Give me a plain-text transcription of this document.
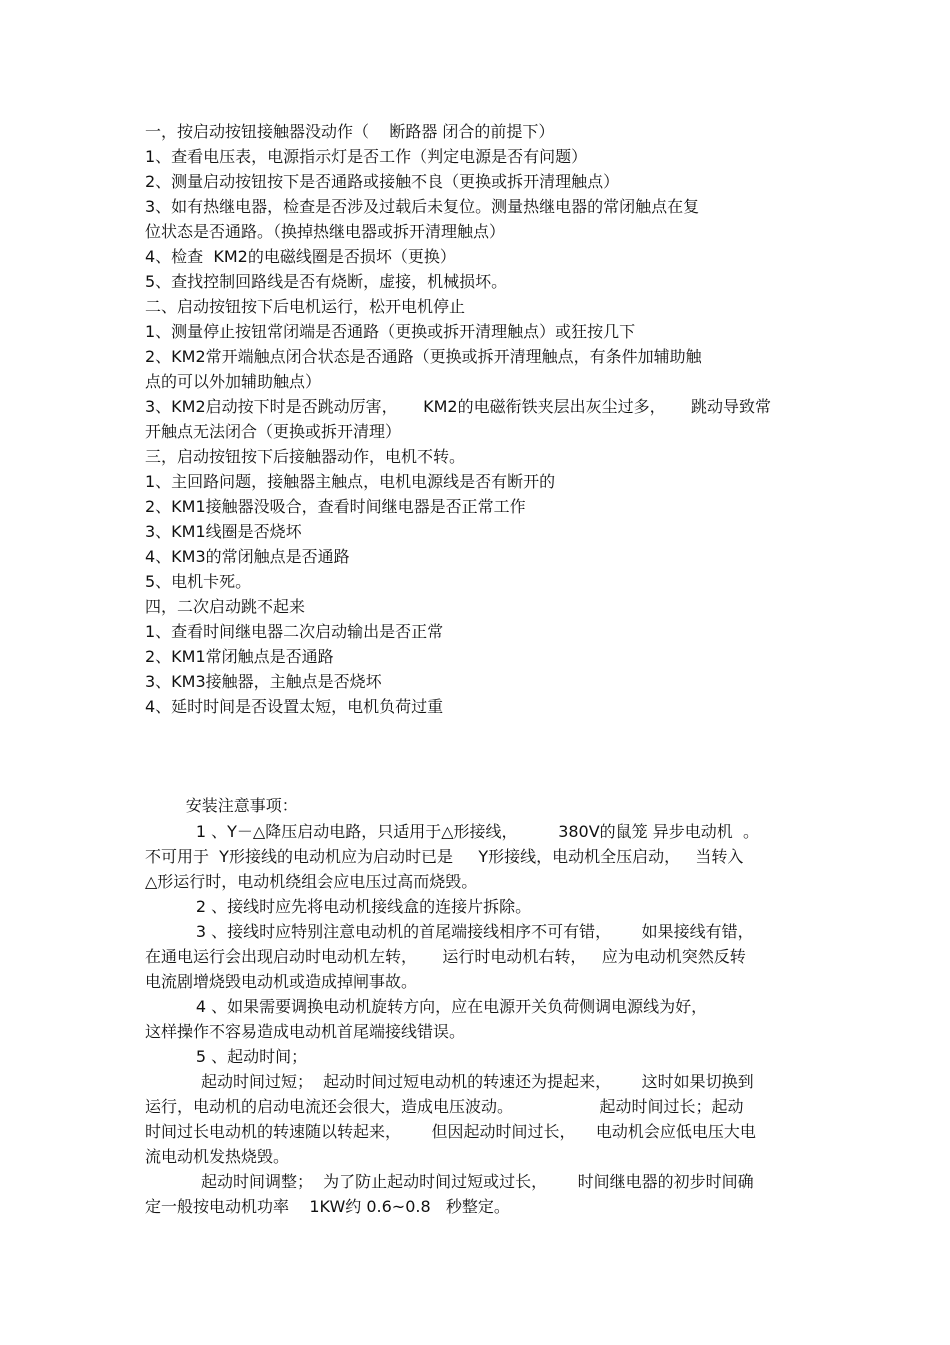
一，按启动按钮接触器没动作（    断路器 闭合的前提下）
1、查看电压表，电源指示灯是否工作（判定电源是否有问题）
2、测量启动按钮按下是否通路或接触不良（更换或拆开清理触点）
3、如有热继电器，检查是否涉及过载后未复位。测量热继电器的常闭触点在复
位状态是否通路。（换掉热继电器或拆开清理触点）
4、检查  KM2的电磁线圈是否损坏（更换）
5、查找控制回路线是否有烧断，虚接，机械损坏。
二、启动按钮按下后电机运行，松开电机停止
1、测量停止按钮常闭端是否通路（更换或拆开清理触点）或狂按几下
2、KM2常开端触点闭合状态是否通路（更换或拆开清理触点，有条件加辅助触
点的可以外加辅助触点）
3、KM2启动按下时是否跳动厉害，     KM2的电磁衔铁夹层出灰尘过多，     跳动导致常
开触点无法闭合（更换或拆开清理）
三，启动按钮按下后接触器动作，电机不转。
1、主回路问题，接触器主触点，电机电源线是否有断开的
2、KM1接触器没吸合，查看时间继电器是否正常工作
3、KM1线圈是否烧坏
4、KM3的常闭触点是否通路
5、电机卡死。
四，二次启动跳不起来
1、查看时间继电器二次启动输出是否正常
2、KM1常闭触点是否通路
3、KM3接触器，主触点是否烧坏
4、延时时间是否设置太短，电机负荷过重
安装注意事项：
1 、Y－△降压启动电路，只适用于△形接线，        380V的鼠笼 异步电动机  。
不可用于  Y形接线的电动机应为启动时已是     Y形接线，电动机全压启动，   当转入
△形运行时，电动机绕组会应电压过高而烧毁。
2 、接线时应先将电动机接线盒的连接片拆除。
3 、接线时应特别注意电动机的首尾端接线相序不可有错，      如果接线有错，
在通电运行会出现启动时电动机左转，     运行时电动机右转，   应为电动机突然反转
电流剧增烧毁电动机或造成掉闸事故。
4 、如果需要调换电动机旋转方向，应在电源开关负荷侧调电源线为好，
这样操作不容易造成电动机首尾端接线错误。
5 、起动时间；
起动时间过短；  起动时间过短电动机的转速还为提起来，      这时如果切换到
运行，电动机的启动电流还会很大，造成电压波动。                 起动时间过长；起动
时间过长电动机的转速随以转起来，      但因起动时间过长，    电动机会应低电压大电
流电动机发热烧毁。
起动时间调整；  为了防止起动时间过短或过长，      时间继电器的初步时间确
定一般按电动机功率    1KW约 0.6~0.8   秒整定。
